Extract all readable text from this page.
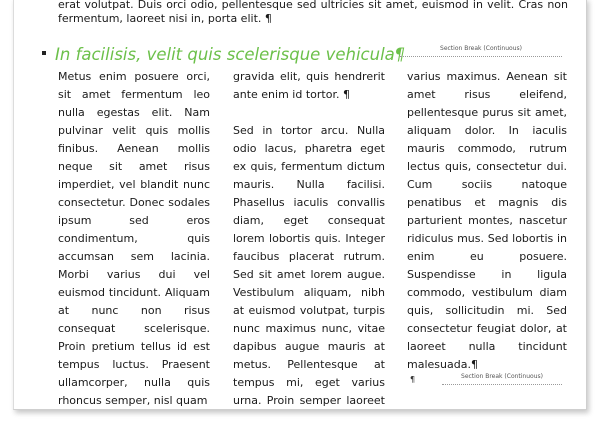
erat volutpat. Duis orci odio, pellentesque sed ultricies sit amet, euismod in velit. Cras non
fermentum, laoreet nisi in, porta elit. ¶
In facilisis, velit quis scelerisque vehicula¶	Section Break (Continuous)

Metus enim posuere orci, sit amet fermentum leo nulla egestas elit. Nam pulvinar velit quis mollis finibus. Aenean mollis neque sit amet risus imperdiet, vel blandit nunc consectetur. Donec sodales ipsum sed eros condimentum, quis accumsan sem lacinia. Morbi varius dui vel euismod tincidunt. Aliquam at nunc non risus consequat scelerisque. Proin pretium tellus id est tempus luctus. Praesent ullamcorper, nulla quis rhoncus semper, nisl quam

gravida elit, quis hendrerit ante enim id tortor. ¶

Sed in tortor arcu. Nulla odio lacus, pharetra eget ex quis, fermentum dictum mauris. Nulla facilisi. Phasellus iaculis convallis diam, eget consequat lorem lobortis quis. Integer faucibus placerat rutrum. Sed sit amet lorem augue. Vestibulum aliquam, nibh at euismod volutpat, turpis nunc maximus nunc, vitae dapibus augue mauris at metus. Pellentesque at tempus mi, eget varius urna. Proin semper laoreet

varius maximus. Aenean sit amet risus eleifend, pellentesque purus sit amet, aliquam dolor. In iaculis mauris commodo, rutrum lectus quis, consectetur dui. Cum sociis natoque penatibus et magnis dis parturient montes, nascetur ridiculus mus. Sed lobortis in enim eu posuere. Suspendisse in ligula commodo, vestibulum diam quis, sollicitudin mi. Sed consectetur feugiat dolor, at laoreet nulla tincidunt malesuada.¶

¶	Section Break (Continuous)
